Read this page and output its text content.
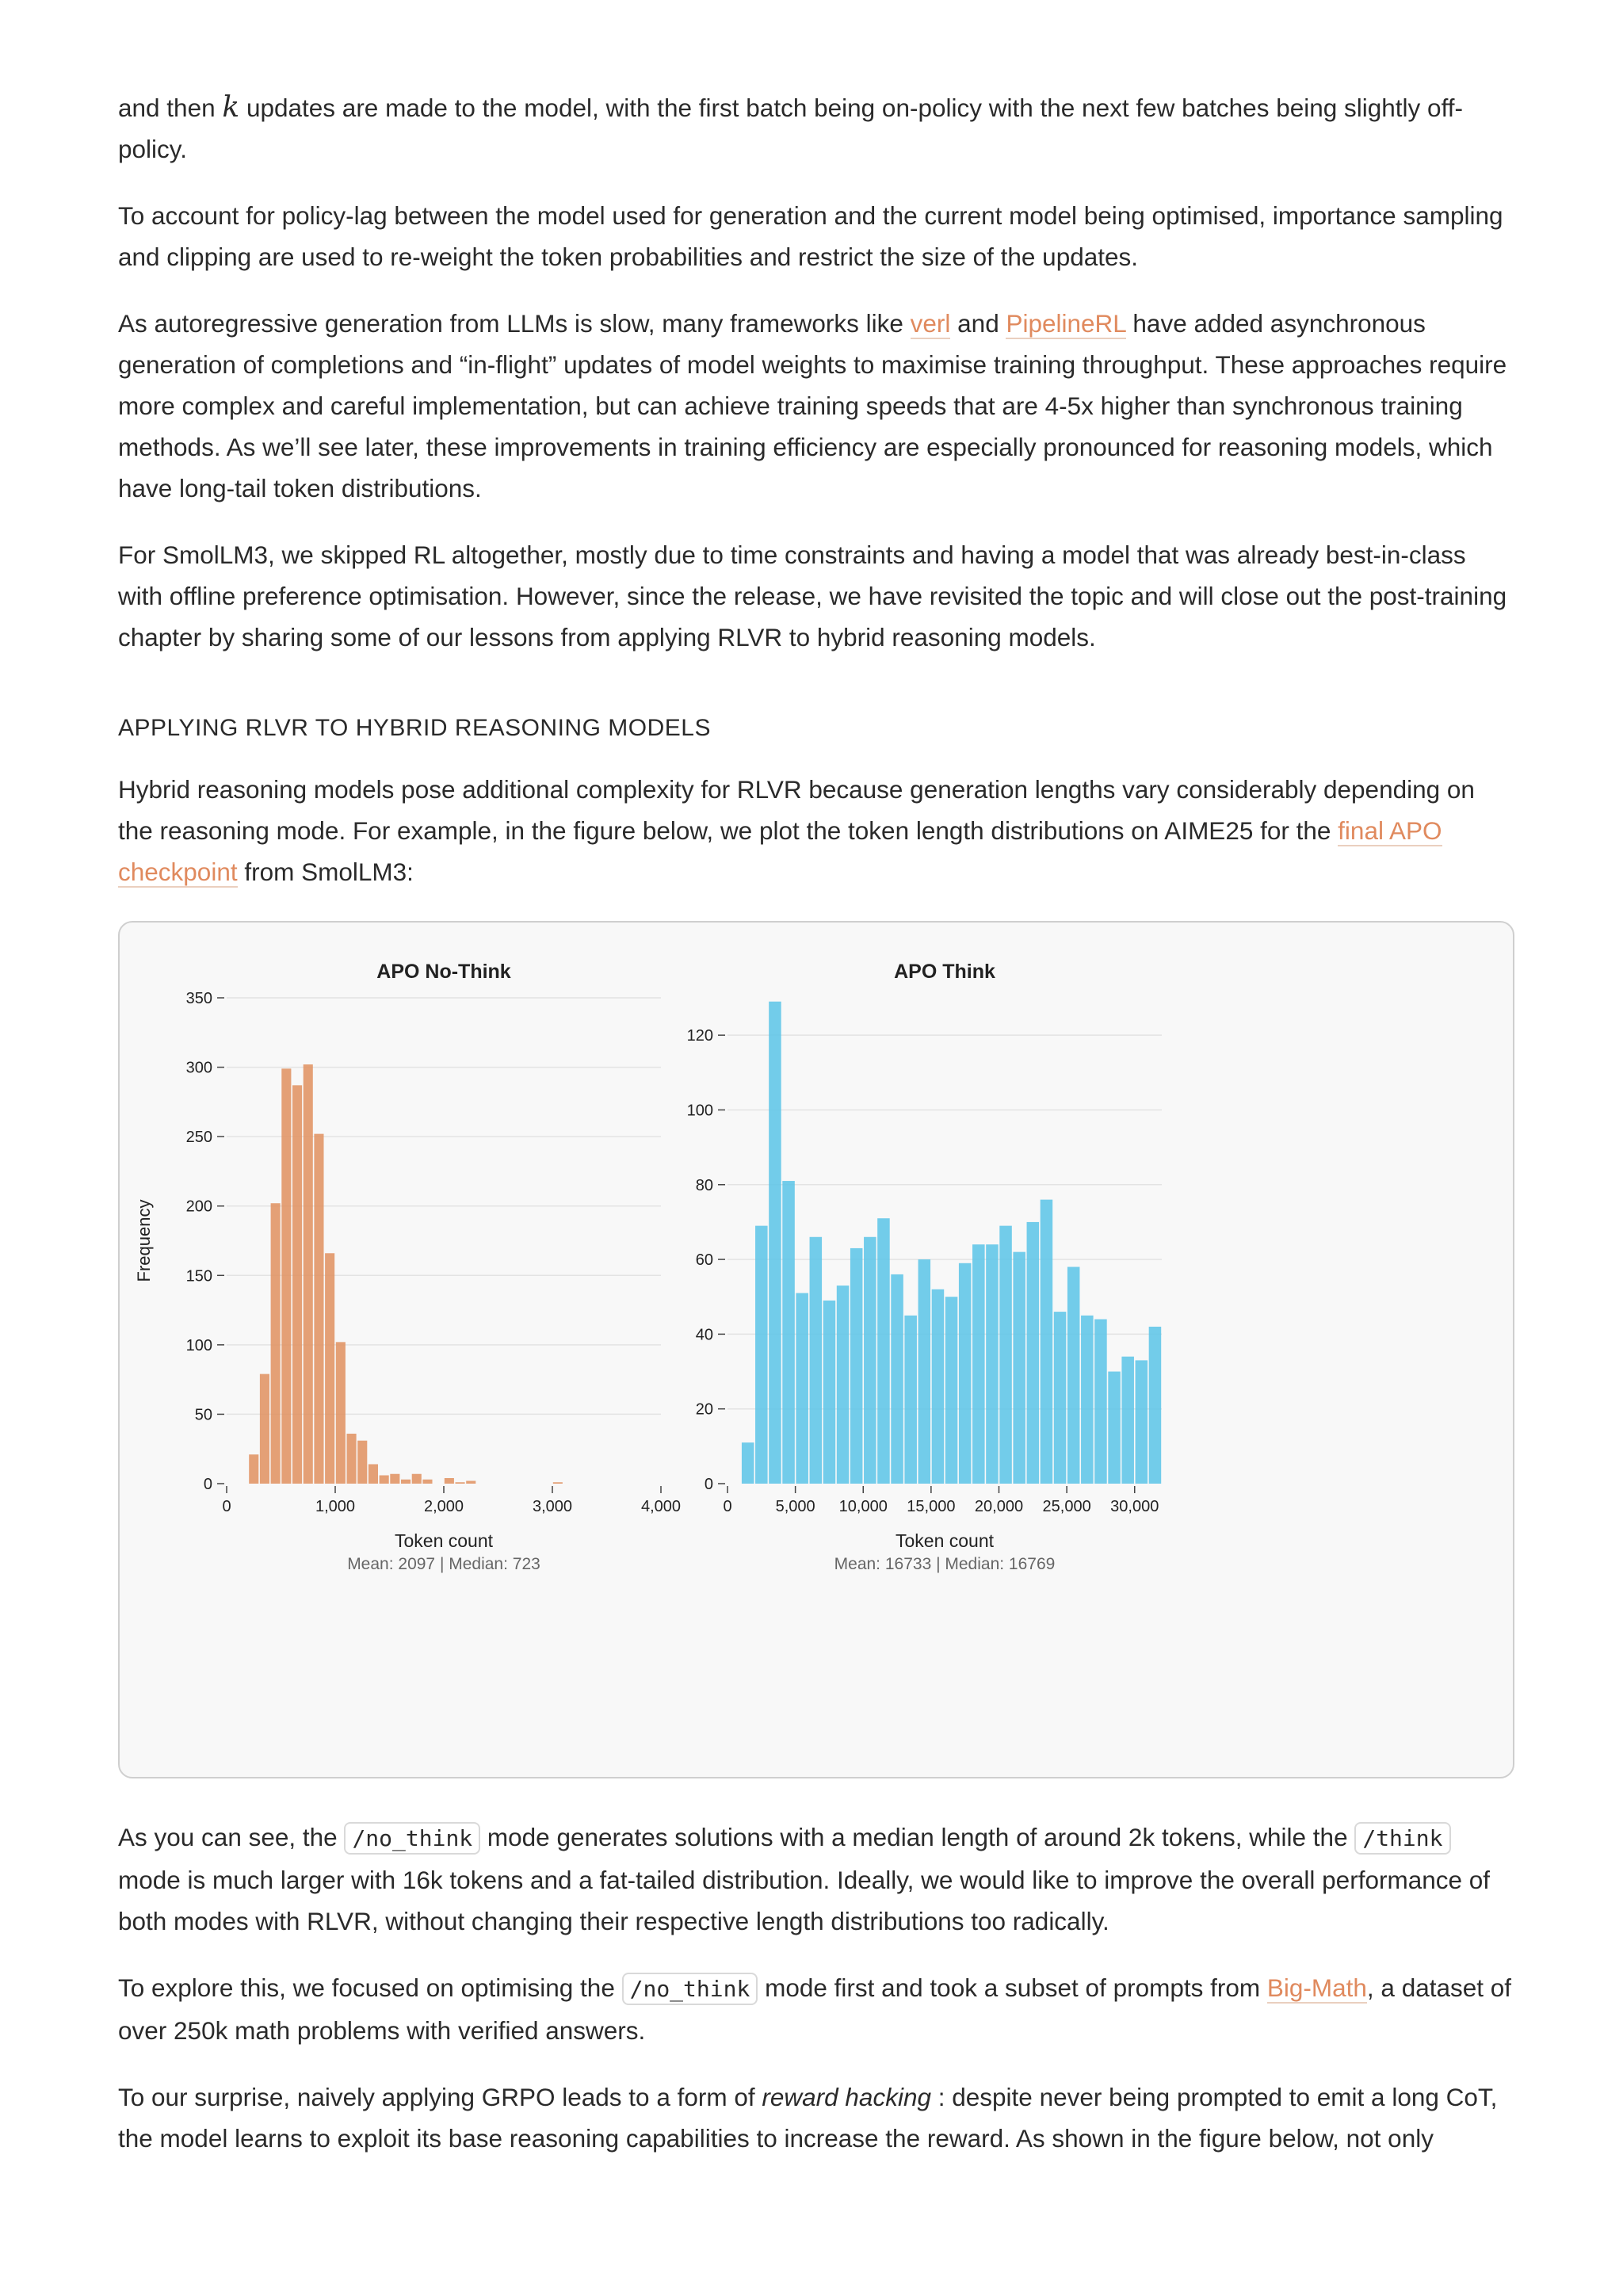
and then k updates are made to the model, with the first batch being on-policy with the next few batches being slightly off-policy.

To account for policy-lag between the model used for generation and the current model being optimised, importance sampling and clipping are used to re-weight the token probabilities and restrict the size of the updates.

As autoregressive generation from LLMs is slow, many frameworks like verl and PipelineRL have added asynchronous generation of completions and “in-flight” updates of model weights to maximise training throughput. These approaches require more complex and careful implementation, but can achieve training speeds that are 4-5x higher than synchronous training methods. As we’ll see later, these improvements in training efficiency are especially pronounced for reasoning models, which have long-tail token distributions.

For SmolLM3, we skipped RL altogether, mostly due to time constraints and having a model that was already best-in-class with offline preference optimisation. However, since the release, we have revisited the topic and will close out the post-training chapter by sharing some of our lessons from applying RLVR to hybrid reasoning models.

APPLYING RLVR TO HYBRID REASONING MODELS

Hybrid reasoning models pose additional complexity for RLVR because generation lengths vary considerably depending on the reasoning mode. For example, in the figure below, we plot the token length distributions on AIME25 for the final APO checkpoint from SmolLM3:

0
50
100
150
200
250
300
350
0	1,000	2,000	3,000	4,000
APO No-Think
Token count
Mean: 2097 | Median: 723
Frequency
0
20
40
60
80
100
120
0	5,000 10,000 15,000 20,000 25,000 30,000
APO Think
Token count
Mean: 16733 | Median: 16769

As you can see, the /no_think mode generates solutions with a median length of around 2k tokens, while the /think mode is much larger with 16k tokens and a fat-tailed distribution. Ideally, we would like to improve the overall performance of both modes with RLVR, without changing their respective length distributions too radically.

To explore this, we focused on optimising the /no_think mode first and took a subset of prompts from Big-Math, a dataset of over 250k math problems with verified answers.

To our surprise, naively applying GRPO leads to a form of reward hacking : despite never being prompted to emit a long CoT, the model learns to exploit its base reasoning capabilities to increase the reward. As shown in the figure below, not only
